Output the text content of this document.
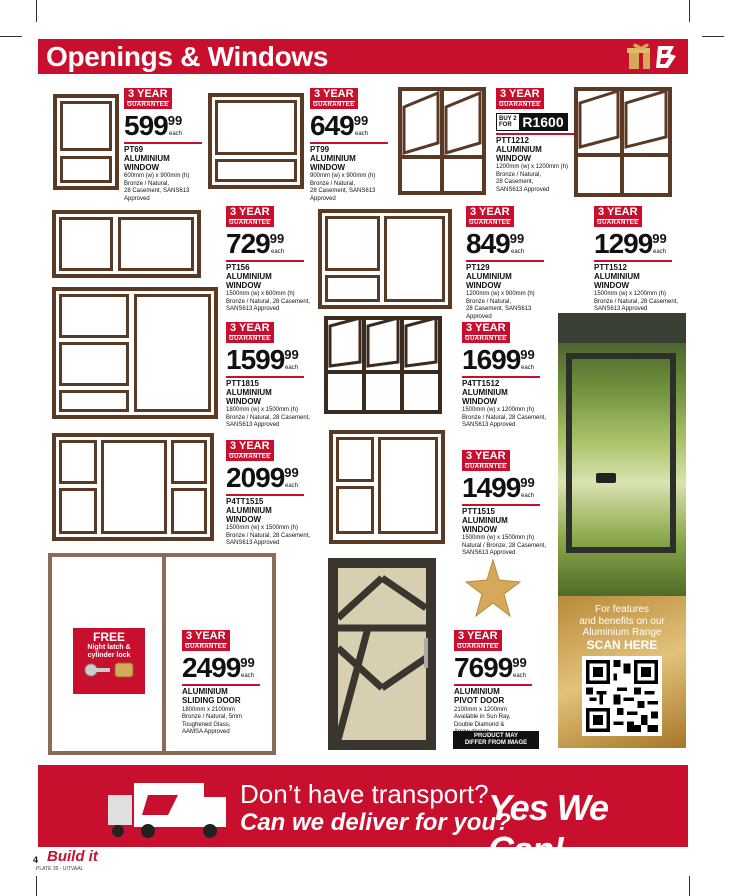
Openings & Windows
For features
and benefits on our
Aluminium Range
SCAN HERE
FREE
Night latch &
cylinder lock
PRODUCT MAY
DIFFER FROM IMAGE
3 YEAR
GUARANTEE
$599^{99}$
each
PT69
ALUMINIUM
WINDOW
600mm (w) x 900mm (h)
Bronze / Natural,
28 Casement, SANS613
Approved
3 YEAR
GUARANTEE
$649^{99}$
each
PT99
ALUMINIUM
WINDOW
900mm (w) x 900mm (h)
Bronze / Natural,
28 Casement, SANS613
Approved
3 YEAR
GUARANTEE
BUY 2 FOR R1600
PTT1212
ALUMINIUM
WINDOW
1200mm (w) x 1200mm (h)
Bronze / Natural,
28 Casement,
SANS613 Approved
3 YEAR
GUARANTEE
$729^{99}$
each
PT156
ALUMINIUM
WINDOW
1500mm (w) x 600mm (h)
Bronze / Natural, 28 Casement,
SANS613 Approved
3 YEAR
GUARANTEE
$849^{99}$
each
PT129
ALUMINIUM
WINDOW
1200mm (w) x 900mm (h)
Bronze / Natural,
28 Casement, SANS613
Approved
3 YEAR
GUARANTEE
1299$^{99}$
each
PTT1512
ALUMINIUM
WINDOW
1500mm (w) x 1200mm (h)
Bronze / Natural, 28 Casement,
SANS613 Approved
3 YEAR
GUARANTEE
1599$^{99}$
each
PTT1815
ALUMINIUM
WINDOW
1800mm (w) x 1500mm (h)
Bronze / Natural, 28 Casement,
SANS613 Approved
3 YEAR
GUARANTEE
1699$^{99}$
each
P4TT1512
ALUMINIUM
WINDOW
1500mm (w) x 1200mm (h)
Bronze / Natural, 28 Casement,
SANS613 Approved
3 YEAR
GUARANTEE
2099$^{99}$
each
P4TT1515
ALUMINIUM
WINDOW
1500mm (w) x 1500mm (h)
Bronze / Natural, 28 Casement,
SANS613 Approved
3 YEAR
GUARANTEE
1499$^{99}$
each
PTT1515
ALUMINIUM
WINDOW
1500mm (w) x 1500mm (h)
Natural / Bronze, 28 Casement,
SANS613 Approved
3 YEAR
GUARANTEE
2499$^{99}$
each
ALUMINIUM
SLIDING DOOR
1800mm x 2100mm
Bronze / Natural, 5mm
Toughened Glass,
AAMSA Approved
3 YEAR
GUARANTEE
7699$^{99}$
each
ALUMINIUM
PIVOT DOOR
2100mm x 1200mm
Available in Sun Ray,
Double Diamond &
Arrow design
Don’t have transport?
Can we deliver for you?
Yes We Can!
4 Build it
PLATE 39 - UITVAAL
